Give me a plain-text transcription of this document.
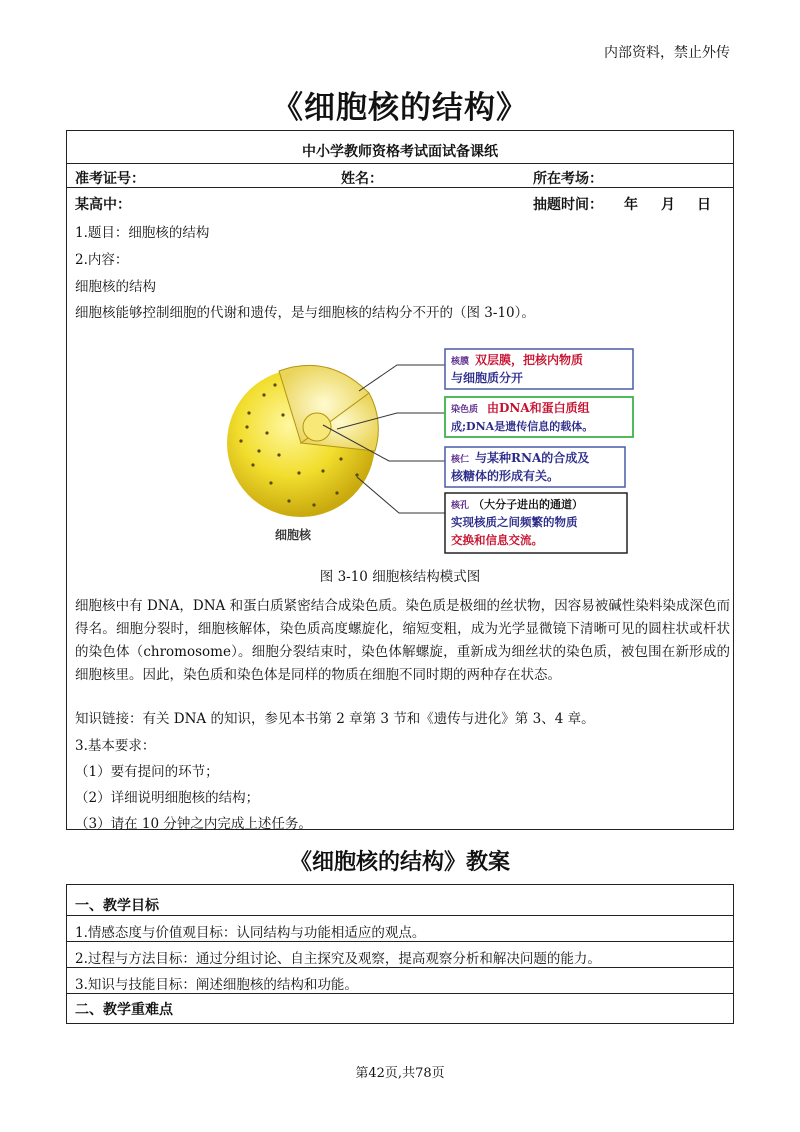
内部资料，禁止外传
《细胞核的结构》
中小学教师资格考试面试备课纸
准考证号：	姓名：	所在考场：
某高中：	抽题时间： 年 月 日
1.题目：细胞核的结构
2.内容：
细胞核的结构
细胞核能够控制细胞的代谢和遗传，是与细胞核的结构分不开的（图 3-10）。
细胞核
核膜 双层膜，把核内物质
与细胞质分开
染色质 由DNA和蛋白质组
成;DNA是遗传信息的载体。
核仁 与某种RNA的合成及
核糖体的形成有关。
核孔 （大分子进出的通道）
实现核质之间频繁的物质
交换和信息交流。
图 3-10 细胞核结构模式图
细胞核中有 DNA，DNA 和蛋白质紧密结合成染色质。染色质是极细的丝状物，因容易被碱性染料染成深色而得名。细胞分裂时，细胞核解体，染色质高度螺旋化，缩短变粗，成为光学显微镜下清晰可见的圆柱状或杆状的染色体（chromosome）。细胞分裂结束时，染色体解螺旋，重新成为细丝状的染色质，被包围在新形成的细胞核里。因此，染色质和染色体是同样的物质在细胞不同时期的两种存在状态。
知识链接：有关 DNA 的知识，参见本书第 2 章第 3 节和《遗传与进化》第 3、4 章。
3.基本要求：
（1）要有提问的环节；
（2）详细说明细胞核的结构；
（3）请在 10 分钟之内完成上述任务。
《细胞核的结构》教案
一、教学目标
1.情感态度与价值观目标：认同结构与功能相适应的观点。
2.过程与方法目标：通过分组讨论、自主探究及观察，提高观察分析和解决问题的能力。
3.知识与技能目标：阐述细胞核的结构和功能。
二、教学重难点
第42页,共78页
